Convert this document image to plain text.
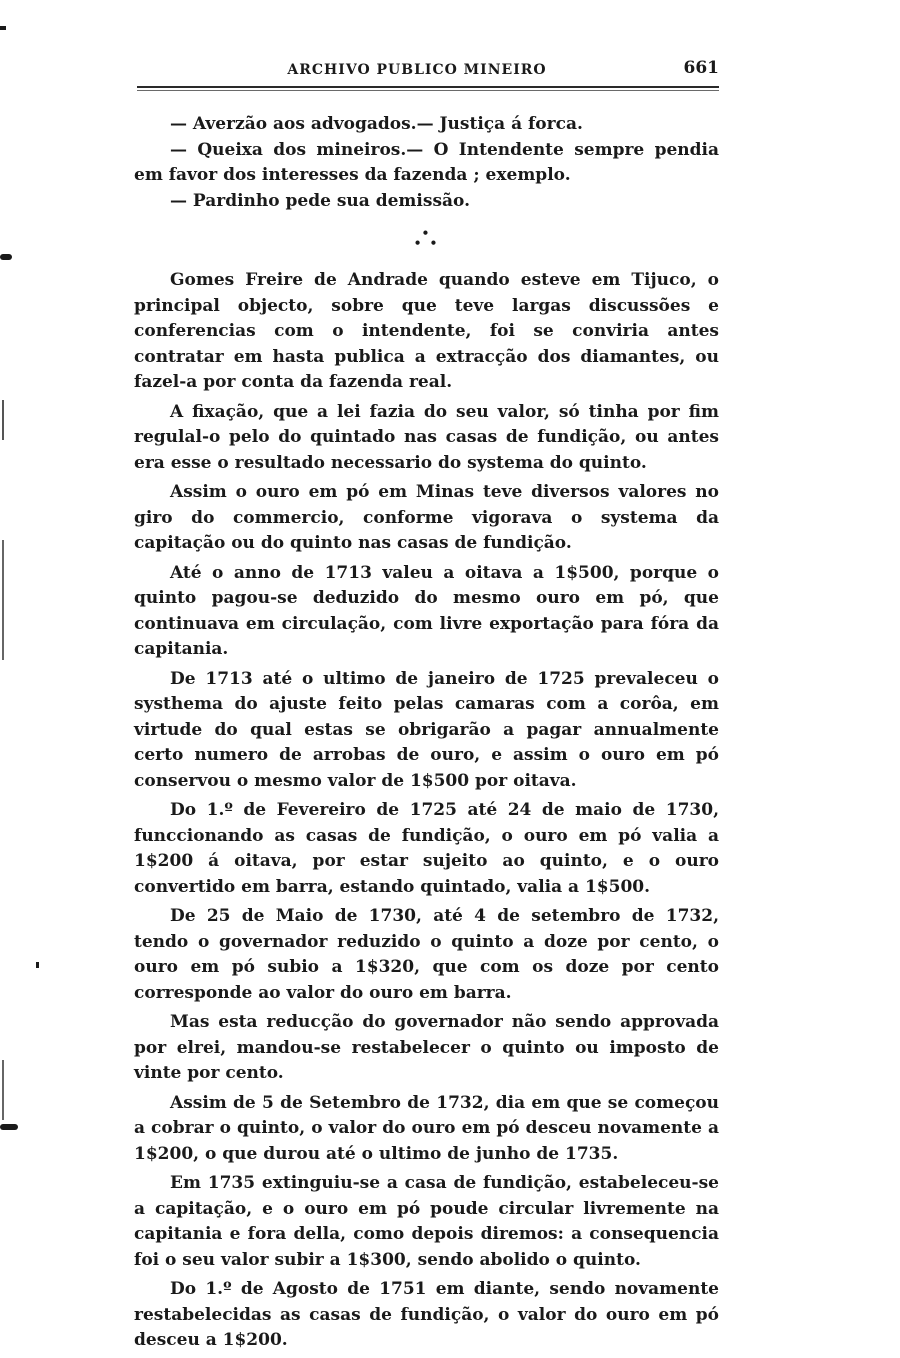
ARCHIVO PUBLICO MINEIRO	661

— Averzão aos advogados.— Justiça á forca.

— Queixa dos mineiros.— O Intendente sempre pendia em favor dos interesses da fazenda ; exemplo.

— Pardinho pede sua demissão.

•
• •

Gomes Freire de Andrade quando esteve em Tijuco, o principal objecto, sobre que teve largas discussões e conferencias com o intendente, foi se conviria antes contratar em hasta publica a extracção dos diamantes, ou fazel-a por conta da fazenda real.

A fixação, que a lei fazia do seu valor, só tinha por fim regulal-o pelo do quintado nas casas de fundição, ou antes era esse o resultado necessario do systema do quinto.

Assim o ouro em pó em Minas teve diversos valores no giro do commercio, conforme vigorava o systema da capitação ou do quinto nas casas de fundição.

Até o anno de 1713 valeu a oitava a 1$500, porque o quinto pagou-se deduzido do mesmo ouro em pó, que continuava em circulação, com livre exportação para fóra da capitania.

De 1713 até o ultimo de janeiro de 1725 prevaleceu o systhema do ajuste feito pelas camaras com a corôa, em virtude do qual estas se obrigarão a pagar annualmente certo numero de arrobas de ouro, e assim o ouro em pó conservou o mesmo valor de 1$500 por oitava.

Do 1.º de Fevereiro de 1725 até 24 de maio de 1730, funccionando as casas de fundição, o ouro em pó valia a 1$200 á oitava, por estar sujeito ao quinto, e o ouro convertido em barra, estando quintado, valia a 1$500.

De 25 de Maio de 1730, até 4 de setembro de 1732, tendo o governador reduzido o quinto a doze por cento, o ouro em pó subio a 1$320, que com os doze por cento corresponde ao valor do ouro em barra.

Mas esta reducção do governador não sendo approvada por elrei, mandou-se restabelecer o quinto ou imposto de vinte por cento.

Assim de 5 de Setembro de 1732, dia em que se começou a cobrar o quinto, o valor do ouro em pó desceu novamente a 1$200, o que durou até o ultimo de junho de 1735.

Em 1735 extinguiu-se a casa de fundição, estabeleceu-se a capitação, e o ouro em pó poude circular livremente na capitania e fora della, como depois diremos: a consequencia foi o seu valor subir a 1$300, sendo abolido o quinto.

Do 1.º de Agosto de 1751 em diante, sendo novamente restabelecidas as casas de fundição, o valor do ouro em pó desceu a 1$200.
